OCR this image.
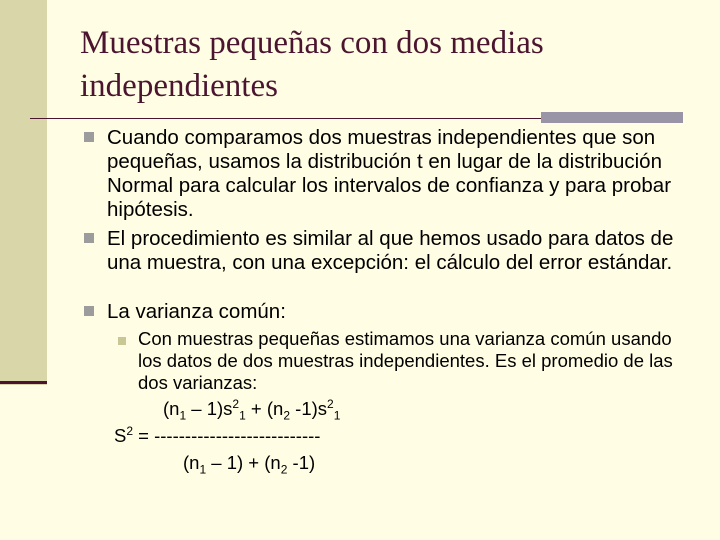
Muestras pequeñas con dos medias independientes
Cuando comparamos dos muestras independientes que son pequeñas, usamos la distribución t en lugar de la distribución Normal para calcular los intervalos de confianza y para probar hipótesis.
El procedimiento es similar al que hemos usado para datos de una muestra, con una excepción: el cálculo del error estándar.
La varianza común:
Con muestras pequeñas estimamos una varianza común usando los datos de dos muestras independientes. Es el promedio de las dos varianzas:
$(n_1 - 1)s^2_1 + (n_2$ $-1)s^2_1$
$S^2$ = ---------------------------
$(n_1 - 1) + (n_2$ -1)
